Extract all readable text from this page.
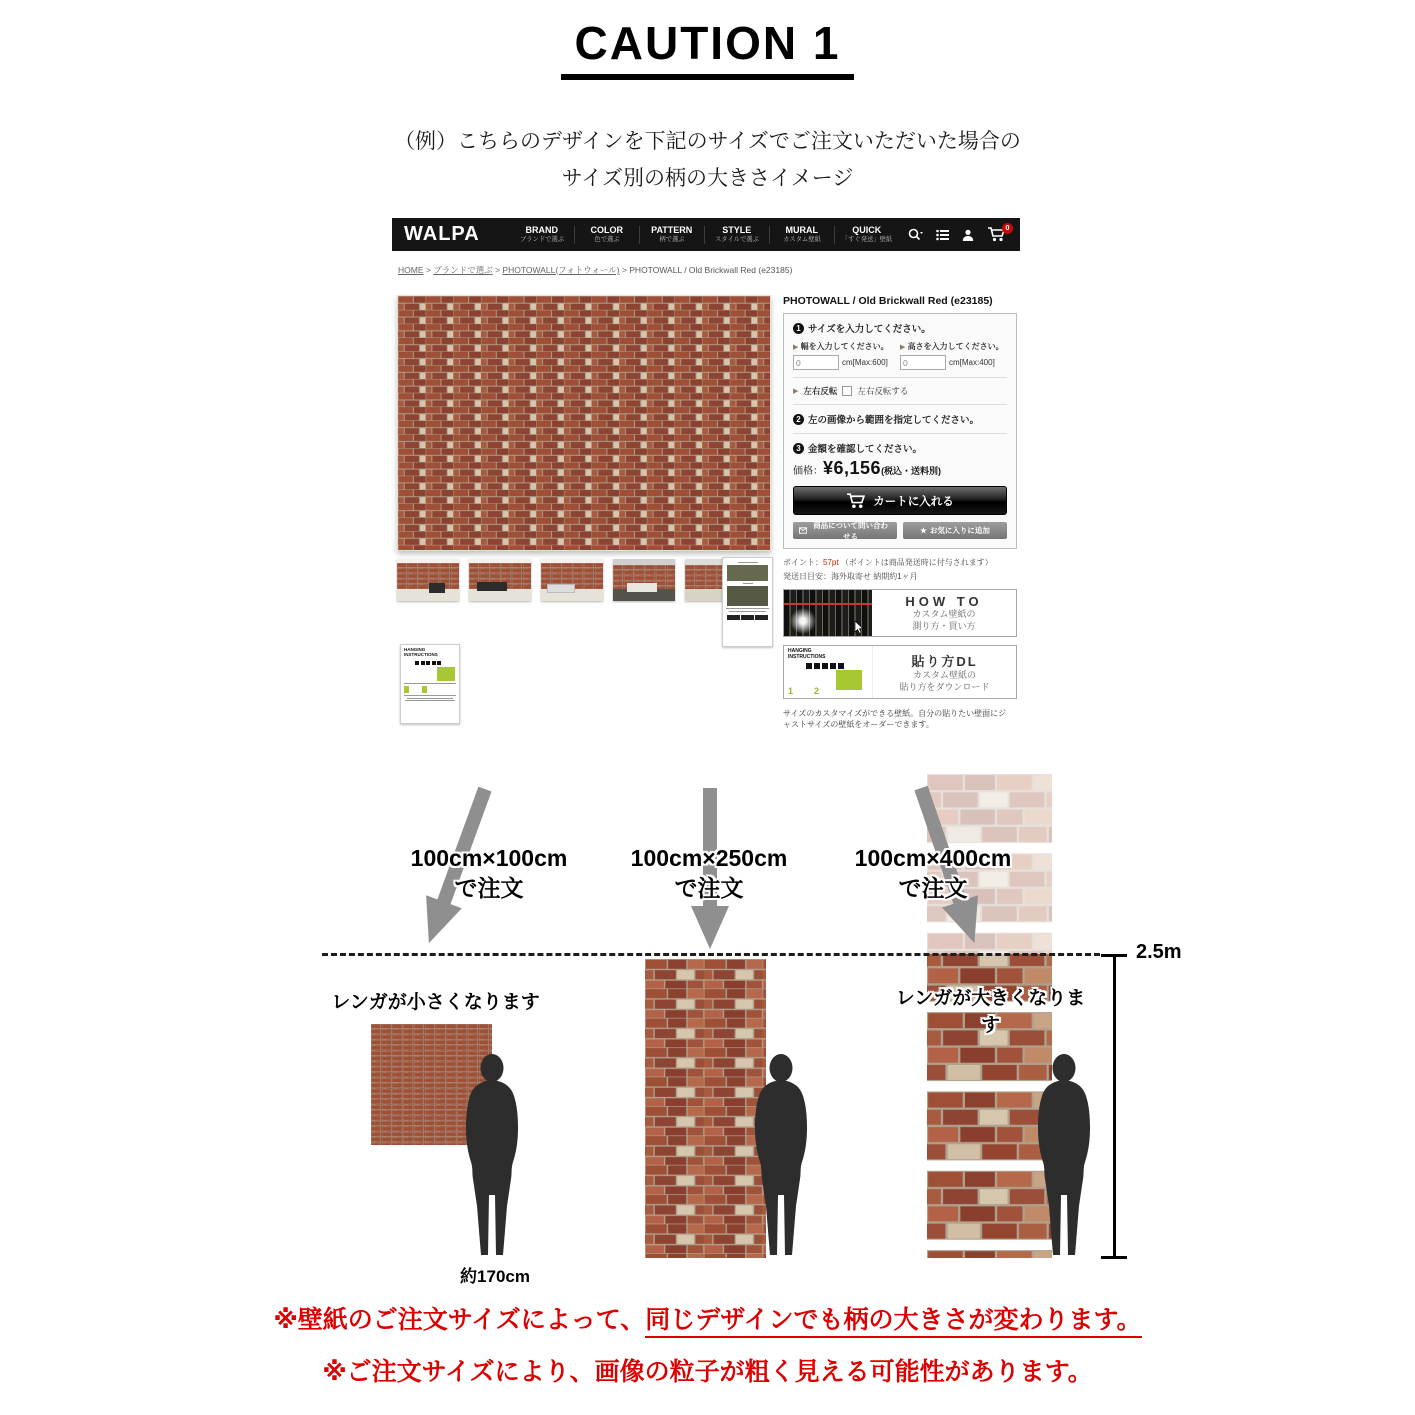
CAUTION 1
（例）こちらのデザインを下記のサイズでご注文いただいた場合の
サイズ別の柄の大きさイメージ
WALPA	BRAND
ブランドで選ぶ
COLOR
色で選ぶ
PATTERN
柄で選ぶ
STYLE
スタイルで選ぶ
MURAL
カスタム壁紙
QUICK
「すぐ発送」壁紙
0
HOME > ブランドで選ぶ > PHOTOWALL(フォトウォール) > PHOTOWALL / Old Brickwall Red (e23185)
HANGING
INSTRUCTIONS
PHOTOWALL / Old Brickwall Red (e23185)
1 サイズを入力してください。
▶ 幅を入力してください。	▶ 高さを入力してください。
0
cm[Max:600]
0	cm[Max:400]
▶ 左右反転 左右反転する
2 左の画像から範囲を指定してください。
3 金額を確認してください。
価格： ¥6,156 (税込・送料別)
カートに入れる
商品について問い合わせる
★ お気に入りに追加
ポイント：57pt （ポイントは商品発送時に付与されます）
発送日目安：海外取寄せ 納期約1ヶ月
HOW TO
カスタム壁紙の
測り方・買い方
HANGING
INSTRUCTIONS
1 2
貼り方DL
カスタム壁紙の
貼り方をダウンロード
サイズのカスタマイズができる壁紙。自分の貼りたい壁面にジャストサイズの壁紙をオーダーできます。
100cm×100cm
で注文
100cm×250cm
で注文
100cm×400cm
で注文
2.5m
レンガが小さくなります	レンガが大きくなります
約170cm
※壁紙のご注文サイズによって、同じデザインでも柄の大きさが変わります。
※ご注文サイズにより、画像の粒子が粗く見える可能性があります。
